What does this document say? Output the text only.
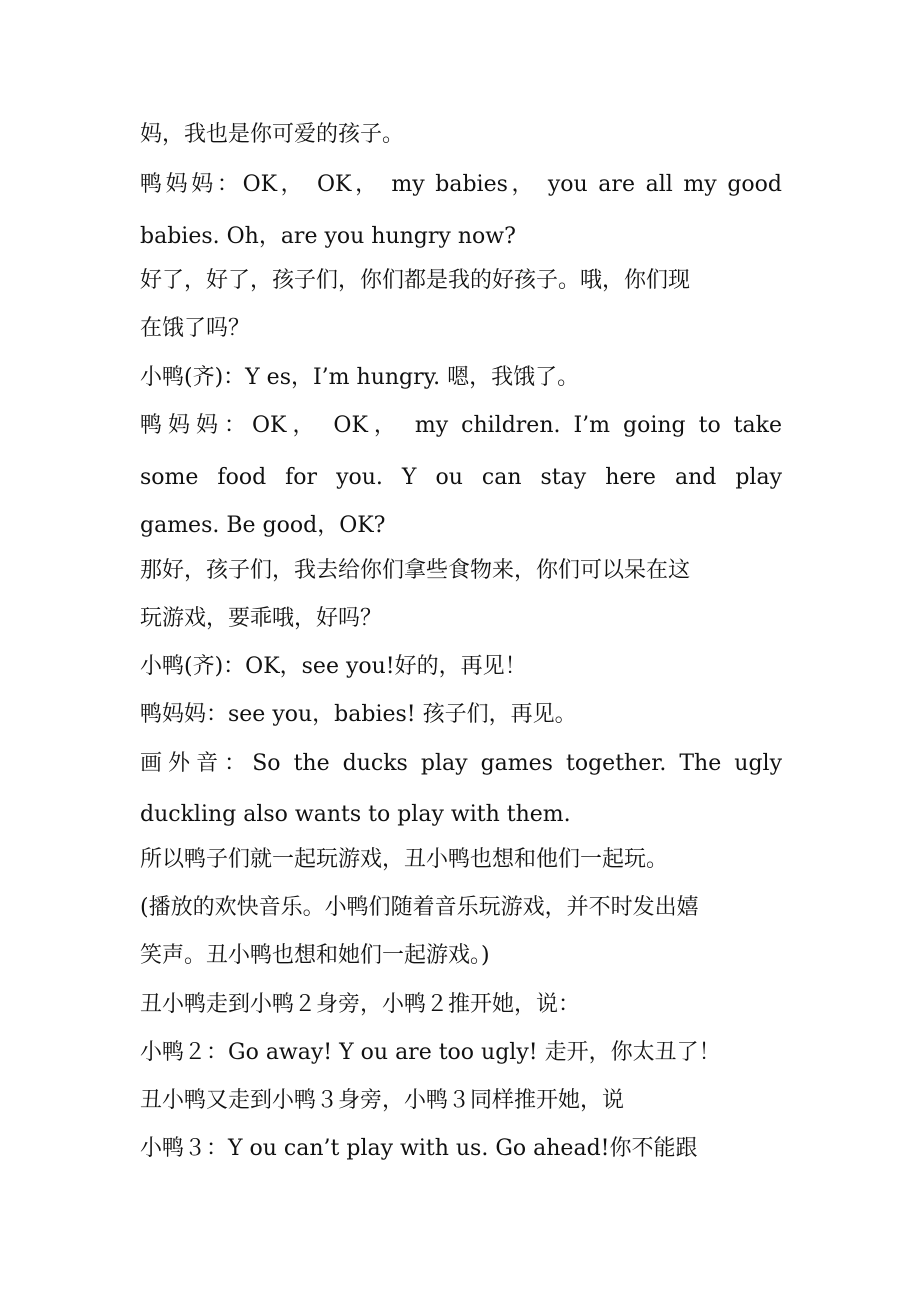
妈，我也是你可爱的孩子。
鸭妈妈：OK， OK， my babies， you are all my good
babies. Oh，are you hungry now?
好了，好了，孩子们，你们都是我的好孩子。哦，你们现
在饿了吗？
小鸭(齐)：Y es，I’m hungry. 嗯，我饿了。
鸭妈妈：OK， OK， my children. I’m going to take
some food for you. Y ou can stay here and play
games. Be good，OK?
那好，孩子们，我去给你们拿些食物来，你们可以呆在这
玩游戏，要乖哦，好吗？
小鸭(齐)：OK，see you!好的，再见！
鸭妈妈：see you，babies! 孩子们，再见。
画外音：So the ducks play games together. The ugly
duckling also wants to play with them.
所以鸭子们就一起玩游戏，丑小鸭也想和他们一起玩。
(播放的欢快音乐。小鸭们随着音乐玩游戏，并不时发出嬉
笑声。丑小鸭也想和她们一起游戏。)
丑小鸭走到小鸭２身旁，小鸭２推开她，说：
小鸭２：Go away! Y ou are too ugly! 走开，你太丑了！
丑小鸭又走到小鸭３身旁，小鸭３同样推开她，说
小鸭３：Y ou can’t play with us. Go ahead!你不能跟
